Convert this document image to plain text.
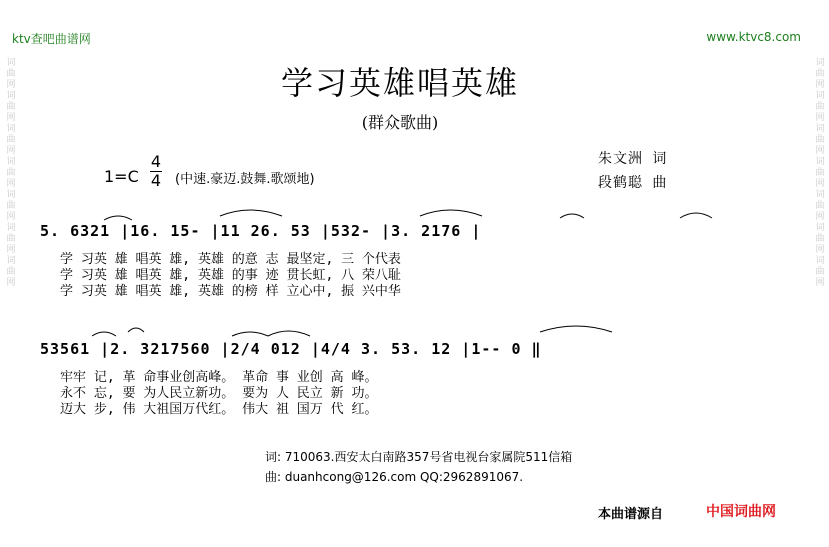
ktv查吧曲谱网	www.ktvc8.com
词曲网词曲网词曲网词曲网词曲网词曲网词曲网
词曲网词曲网词曲网词曲网词曲网词曲网词曲网
学习英雄唱英雄
(群众歌曲)
1=C
4
4 (中速.豪迈.鼓舞.歌颂地)
朱文洲 词
段鹤聪 曲
5. 6321 |16. 15- |11 26. 53 |532- |3. 2176 |
学 习英 雄 唱英 雄, 英雄 的意 志 最坚定, 三 个代表
学 习英 雄 唱英 雄, 英雄 的事 迹 贯长虹, 八 荣八耻
学 习英 雄 唱英 雄, 英雄 的榜 样 立心中, 振 兴中华
53561 |2. 3217560 |2/4 012 |4/4 3. 53. 12 |1-- 0 ‖
牢牢 记, 革 命事业创高峰。 革命 事 业创 高 峰。
永不 忘, 要 为人民立新功。 要为 人 民立 新 功。
迈大 步, 伟 大祖国万代红。 伟大 祖 国万 代 红。
词: 710063.西安太白南路357号省电视台家属院511信箱
曲: duanhcong@126.com QQ:2962891067.
本曲谱源自	中国词曲网
